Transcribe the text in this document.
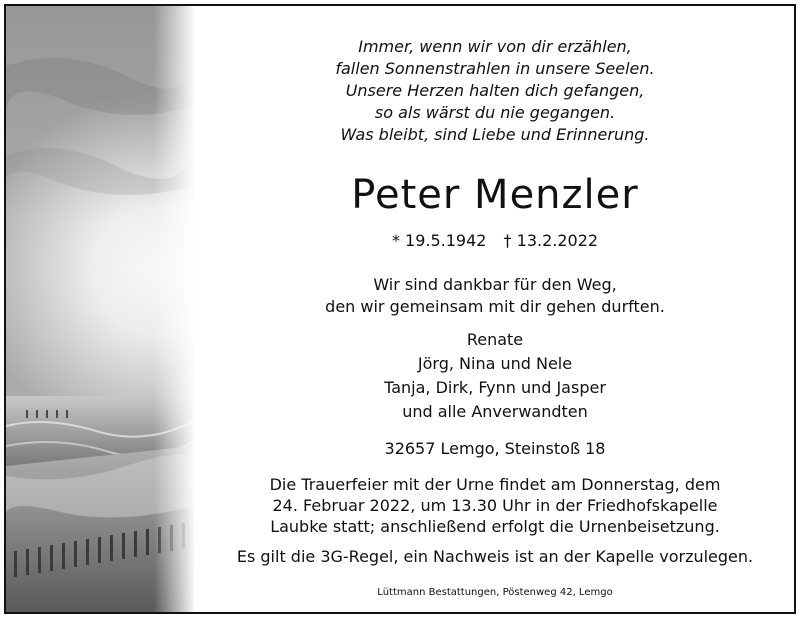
Immer, wenn wir von dir erzählen,
fallen Sonnenstrahlen in unsere Seelen.
Unsere Herzen halten dich gefangen,
so als wärst du nie gegangen.
Was bleibt, sind Liebe und Erinnerung.
Peter Menzler
* 19.5.1942 † 13.2.2022
Wir sind dankbar für den Weg,
den wir gemeinsam mit dir gehen durften.
Renate
Jörg, Nina und Nele
Tanja, Dirk, Fynn und Jasper
und alle Anverwandten
32657 Lemgo, Steinstoß 18
Die Trauerfeier mit der Urne findet am Donnerstag, dem
24. Februar 2022, um 13.30 Uhr in der Friedhofskapelle
Laubke statt; anschließend erfolgt die Urnenbeisetzung.
Es gilt die 3G-Regel, ein Nachweis ist an der Kapelle vorzulegen.
Lüttmann Bestattungen, Pöstenweg 42, Lemgo
